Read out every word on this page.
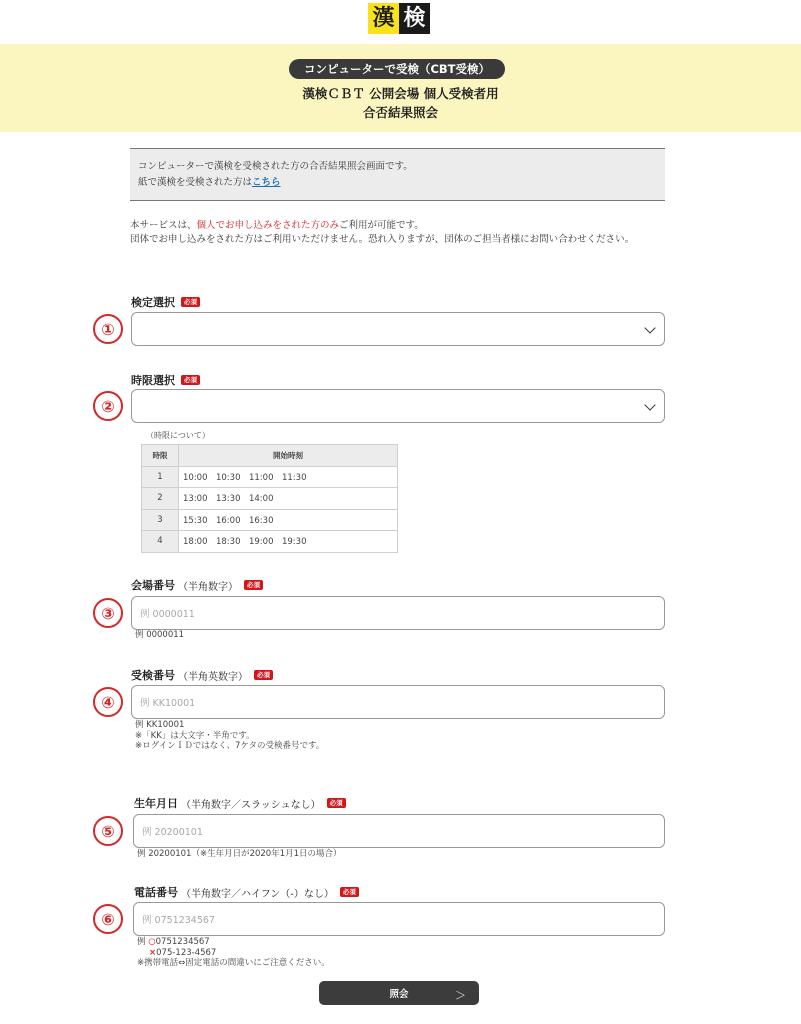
漢 検
コンピューターで受検（CBT受検）
漢検ＣＢＴ 公開会場 個人受検者用
合否結果照会
コンピューターで漢検を受検された方の合否結果照会画面です。
紙で漢検を受検された方はこちら
本サービスは、個人でお申し込みをされた方のみご利用が可能です。
団体でお申し込みをされた方はご利用いただけません。恐れ入りますが、団体のご担当者様にお問い合わせください。
検定選択	必須
①
時限選択	必須
②
（時限について）
時限	開始時刻
1	10:00　10:30　11:00　11:30
2	13:00　13:30　14:00
3	15:30　16:00　16:30
4	18:00　18:30　19:00　19:30
会場番号 （半角数字）	必須
③	例 0000011
例 0000011
受検番号 （半角英数字）	必須
④	例 KK10001
例 KK10001
※「KK」は大文字・半角です。
※ログインＩＤではなく、7ケタの受検番号です。
生年月日 （半角数字／スラッシュなし）	必須
⑤	例 20200101
例 20200101（※生年月日が2020年1月1日の場合）
電話番号 （半角数字／ハイフン（-）なし）	必須
⑥	例 0751234567
例 ○0751234567
×075-123-4567
※携帯電話⇔固定電話の間違いにご注意ください。
照会	＞
